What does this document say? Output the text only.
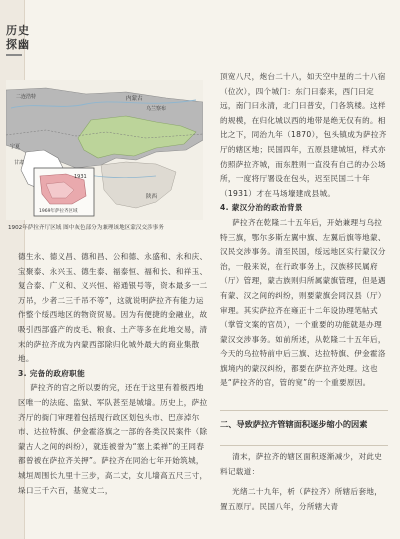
历史
探幽
二连浩特
乌兰察布
内蒙古
宁夏
甘肃
陕西
1931
1969年萨拉齐区域
1902年萨拉齐厅区域 图中灰色部分为兼理该地区蒙汉交涉事务

德生永、德义昌、德和昌、公和德、永盛和、永和庆、宝聚泰、永兴玉、德生泰、福泰恒、福和长、和祥玉、复合泰、广义和、义兴恒、裕通银号等，资本最多一二万吊，少者二三千吊不等”，这就说明萨拉齐有能力运作整个绥西地区的物资贸易。因为有便捷的金融业，故吸引西部盛产的皮毛、粮食、土产等多在此地交易，清末的萨拉齐成为内蒙西部除归化城外最大的商业集散地。

3. 完备的政府职能

萨拉齐的官之所以要的完，还在于这里有着极西地区唯一的法庭、监狱、军队甚至是城墙。历史上，萨拉齐厅的衙门审理着包括现行政区划包头市、巴彦淖尔市、达拉特旗、伊金霍洛旗之一部的各类汉民案件（除蒙古人之间的纠纷），就连被誉为“塞上柔禅”的王同春都曾被在萨拉齐关押”。萨拉齐在同治七年开始筑城，城垣周围长九里十三步，高二丈，女儿墙高五尺三寸，垛口三千六百，基宽丈二，

顶宽八尺，炮台二十八，如天空中星的二十八宿（位次），四个城门：东门曰泰来，西门曰定远，南门曰永清，北门曰普安，门各筑楼。这样的规模，在归化城以西的地带是绝无仅有的。相比之下，同治九年（1870），包头镇成为萨拉齐厅的辖区地；民国四年，五原县建城垣，样式亦仿照萨拉齐城，而东胜则一直没有自己的办公场所，一度将厅署设在包头，迟至民国二十年（1931）才在马场壕建成县城。

4. 蒙汉分治的政治背景

萨拉齐在乾隆二十五年后，开始兼理与乌拉特三旗，鄂尔多斯左翼中旗、左翼后旗等地蒙、汉民交涉事务。清至民国，绥远地区实行蒙汉分治，一般来说，在行政事务上，汉族移民属府（厅）管理，蒙古族则归所属蒙旗管理，但是遇有蒙、汉之间的纠纷，则要蒙旗会同汉县（厅）审理。其实萨拉齐在雍正十二年设协理笔帖式（掌管文案的官员），一个重要的功能就是办理蒙汉交涉事务。如前所述，从乾隆二十五年后，今天的乌拉特前中后三旗、达拉特旗、伊金霍洛旗境内的蒙汉纠纷，都要在萨拉齐处理。这也是“萨拉齐的官，管的宽”的一个重要原因。

二、导致萨拉齐管辖面积逐步缩小的因素

清末，萨拉齐的辖区面积逐渐减少，对此史料记载道：

光绪二十九年，析（萨拉齐）所辖后套地，置五原厅。民国八年，分所辖大青
